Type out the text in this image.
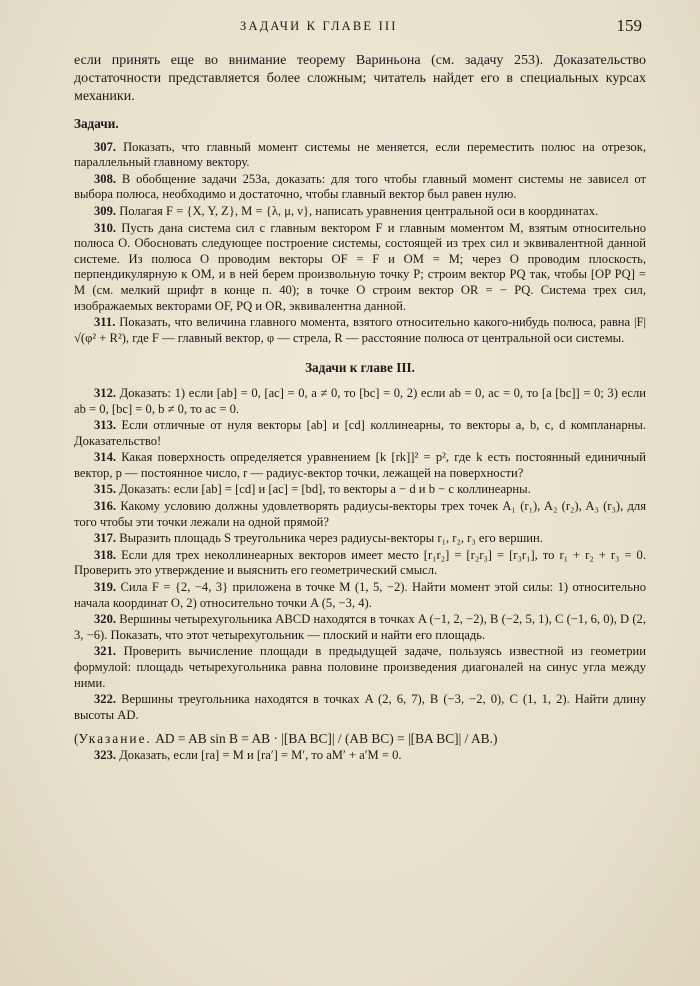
ЗАДАЧИ К ГЛАВЕ III	159

если принять еще во внимание теорему Вариньона (см. задачу 253). Доказательство достаточности представляется более сложным; читатель найдет его в специальных курсах механики.

Задачи.

307. Показать, что главный момент системы не меняется, если переместить полюс на отрезок, параллельный главному вектору.

308. В обобщение задачи 253а, доказать: для того чтобы главный момент системы не зависел от выбора полюса, необходимо и достаточно, чтобы главный вектор был равен нулю.

309. Полагая F = {X, Y, Z}, M = {λ, μ, ν}, написать уравнения центральной оси в координатах.

310. Пусть дана система сил с главным вектором F и главным моментом M, взятым относительно полюса O. Обосновать следующее построение системы, состоящей из трех сил и эквивалентной данной системе. Из полюса O проводим векторы OF = F и OM = M; через O проводим плоскость, перпендикулярную к OM, и в ней берем произвольную точку P; строим вектор PQ так, чтобы [OP PQ] = M (см. мелкий шрифт в конце п. 40); в точке O строим вектор OR = − PQ. Система трех сил, изображаемых векторами OF, PQ и OR, эквивалентна данной.

311. Показать, что величина главного момента, взятого относительно какого-нибудь полюса, равна |F| √(φ² + R²), где F — главный вектор, φ — стрела, R — расстояние полюса от центральной оси системы.

Задачи к главе III.

312. Доказать: 1) если [ab] = 0, [ac] = 0, a ≠ 0, то [bc] = 0, 2) если ab = 0, ac = 0, то [a [bc]] = 0; 3) если ab = 0, [bc] = 0, b ≠ 0, то ac = 0.

313. Если отличные от нуля векторы [ab] и [cd] коллинеарны, то векторы a, b, c, d компланарны. Доказательство!

314. Какая поверхность определяется уравнением [k [rk]]² = p², где k есть постоянный единичный вектор, p — постоянное число, r — радиус-вектор точки, лежащей на поверхности?

315. Доказать: если [ab] = [cd] и [ac] = [bd], то векторы a − d и b − c коллинеарны.

316. Какому условию должны удовлетворять радиусы-векторы трех точек A₁ (r₁), A₂ (r₂), A₃ (r₃), для того чтобы эти точки лежали на одной прямой?

317. Выразить площадь S треугольника через радиусы-векторы r₁, r₂, r₃ его вершин.

318. Если для трех неколлинеарных векторов имеет место [r₁r₂] = [r₂r₃] = [r₃r₁], то r₁ + r₂ + r₃ = 0. Проверить это утверждение и выяснить его геометрический смысл.

319. Сила F = {2, −4, 3} приложена в точке M (1, 5, −2). Найти момент этой силы: 1) относительно начала координат O, 2) относительно точки A (5, −3, 4).

320. Вершины четырехугольника ABCD находятся в точках A (−1, 2, −2), B (−2, 5, 1), C (−1, 6, 0), D (2, 3, −6). Показать, что этот четырехугольник — плоский и найти его площадь.

321. Проверить вычисление площади в предыдущей задаче, пользуясь известной из геометрии формулой: площадь четырехугольника равна половине произведения диагоналей на синус угла между ними.

322. Вершины треугольника находятся в точках A (2, 6, 7), B (−3, −2, 0), C (1, 1, 2). Найти длину высоты AD.

(Указание. AD = AB sin B = AB · |[BA BC]| / (AB BC) = |[BA BC]| / AB.)

323. Доказать, если [ra] = M и [ra′] = M′, то aM′ + a′M = 0.
